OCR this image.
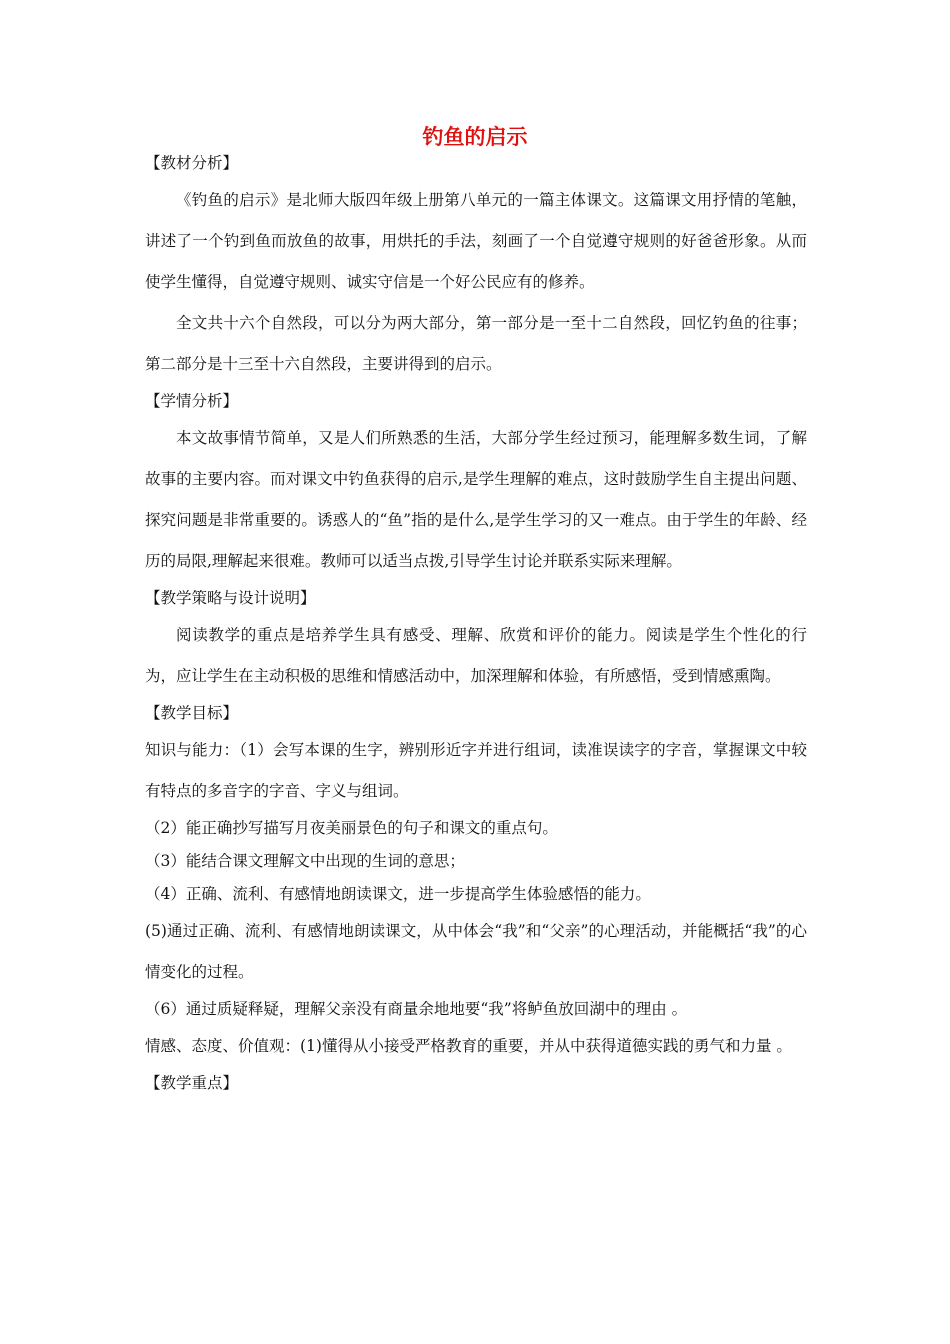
钓鱼的启示
【教材分析】
《钓鱼的启示》是北师大版四年级上册第八单元的一篇主体课文。这篇课文用抒情的笔触，讲述了一个钓到鱼而放鱼的故事，用烘托的手法，刻画了一个自觉遵守规则的好爸爸形象。从而使学生懂得，自觉遵守规则、诚实守信是一个好公民应有的修养。
全文共十六个自然段，可以分为两大部分，第一部分是一至十二自然段，回忆钓鱼的往事；第二部分是十三至十六自然段，主要讲得到的启示。
【学情分析】
本文故事情节简单，又是人们所熟悉的生活，大部分学生经过预习，能理解多数生词，了解故事的主要内容。而对课文中钓鱼获得的启示,是学生理解的难点，这时鼓励学生自主提出问题、探究问题是非常重要的。诱惑人的“鱼”指的是什么,是学生学习的又一难点。由于学生的年龄、经历的局限,理解起来很难。教师可以适当点拨,引导学生讨论并联系实际来理解。
【教学策略与设计说明】
阅读教学的重点是培养学生具有感受、理解、欣赏和评价的能力。阅读是学生个性化的行为，应让学生在主动积极的思维和情感活动中，加深理解和体验，有所感悟，受到情感熏陶。
【教学目标】
知识与能力：（1）会写本课的生字，辨别形近字并进行组词，读准误读字的字音，掌握课文中较有特点的多音字的字音、字义与组词。
（2）能正确抄写描写月夜美丽景色的句子和课文的重点句。
（3）能结合课文理解文中出现的生词的意思；
（4）正确、流利、有感情地朗读课文，进一步提高学生体验感悟的能力。
(5)通过正确、流利、有感情地朗读课文，从中体会“我”和“父亲”的心理活动，并能概括“我”的心情变化的过程。
（6）通过质疑释疑，理解父亲没有商量余地地要“我”将鲈鱼放回湖中的理由 。
情感、态度、价值观：(1)懂得从小接受严格教育的重要，并从中获得道德实践的勇气和力量 。
【教学重点】
